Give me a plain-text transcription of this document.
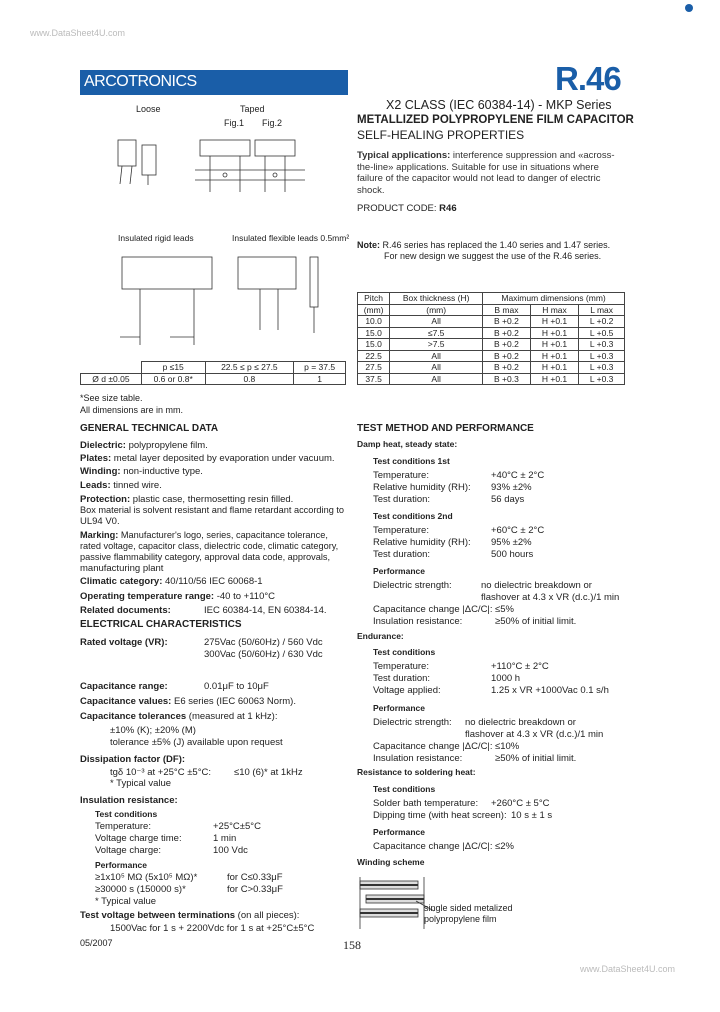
www.DataSheet4U.com
ARCOTRONICS	R.46
X2 CLASS (IEC 60384-14) - MKP Series
METALLIZED POLYPROPYLENE FILM CAPACITOR
SELF-HEALING PROPERTIES
Typical applications: interference suppression and «across-the-line» applications. Suitable for use in situations where failure of the capacitor would not lead to danger of electric shock.
PRODUCT CODE: R46
Note: R.46 series has replaced the 1.40 series and 1.47 series.
For new design we suggest the use of the R.46 series.
Loose	Taped
Fig.1 Fig.2
Insulated rigid leads	Insulated flexible leads 0.5mm²
	p ≤15	22.5 ≤ p ≤ 27.5	p = 37.5
Ø d ±0.05	0.6 or 0.8*	0.8	1
*See size table.
All dimensions are in mm.
Pitch	Box thickness (H)	Maximum dimensions (mm)		
(mm)	(mm)	B max	H max	L max
10.0	All	B +0.2	H +0.1	L +0.2
15.0	≤7.5	B +0.2	H +0.1	L +0.5
15.0	>7.5	B +0.2	H +0.1	L +0.3
22.5	All	B +0.2	H +0.1	L +0.3
27.5	All	B +0.2	H +0.1	L +0.3
37.5	All	B +0.3	H +0.1	L +0.3
GENERAL TECHNICAL DATA
Dielectric: polypropylene film.
Plates: metal layer deposited by evaporation under vacuum.
Winding: non-inductive type.
Leads: tinned wire.
Protection: plastic case, thermosetting resin filled.
Box material is solvent resistant and flame retardant according to
UL94 V0.
Marking: Manufacturer's logo, series, capacitance tolerance,
rated voltage, capacitor class, dielectric code, climatic category,
passive flammability category, approval data code, approvals,
manufacturing plant
Climatic category: 40/110/56 IEC 60068-1
Operating temperature range: -40 to +110°C
Related documents:	IEC 60384-14, EN 60384-14.
ELECTRICAL CHARACTERISTICS
Rated voltage (VR):	275Vac (50/60Hz) / 560 Vdc
300Vac (50/60Hz) / 630 Vdc
Capacitance range:	0.01μF to 10μF
Capacitance values: E6 series (IEC 60063 Norm).
Capacitance tolerances (measured at 1 kHz):
±10% (K); ±20% (M)
tolerance ±5% (J) available upon request
Dissipation factor (DF):
tgδ 10⁻³ at +25°C ±5°C: ≤10 (6)* at 1kHz
* Typical value
Insulation resistance:
Test conditions
Temperature:	+25°C±5°C
Voltage charge time:	1 min
Voltage charge:	100 Vdc
Performance
≥1x10⁵ MΩ (5x10⁵ MΩ)*	for C≤0.33μF
≥30000 s (150000 s)*	for C>0.33μF
* Typical value
Test voltage between terminations (on all pieces):
1500Vac for 1 s + 2200Vdc for 1 s at +25°C±5°C
TEST METHOD AND PERFORMANCE
Damp heat, steady state:
Test conditions 1st
Temperature:	+40°C ± 2°C
Relative humidity (RH): 93% ±2%
Test duration:	56 days
Test conditions 2nd
Temperature:	+60°C ± 2°C
Relative humidity (RH): 95% ±2%
Test duration:	500 hours
Performance
Dielectric strength:	no dielectric breakdown or
flashover at 4.3 x VR (d.c.)/1 min
Capacitance change |ΔC/C|: ≤5%
Insulation resistance:	≥50% of initial limit.
Endurance:
Test conditions
Temperature:	+110°C ± 2°C
Test duration:	1000 h
Voltage applied:	1.25 x VR +1000Vac 0.1 s/h
Performance
Dielectric strength: no dielectric breakdown or
flashover at 4.3 x VR (d.c.)/1 min
Capacitance change |ΔC/C|: ≤10%
Insulation resistance:	≥50% of initial limit.
Resistance to soldering heat:
Test conditions
Solder bath temperature: +260°C ± 5°C
Dipping time (with heat screen): 10 s ± 1 s
Performance
Capacitance change |ΔC/C|: ≤2%
Winding scheme
single sided metalized
polypropylene film
05/2007	158
www.DataSheet4U.com
